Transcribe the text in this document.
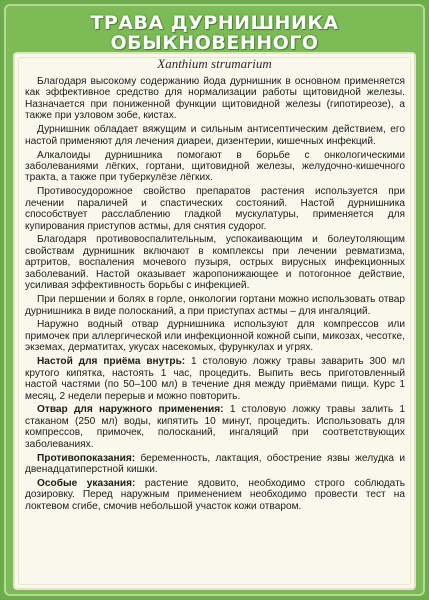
ТРАВА ДУРНИШНИКА
ОБЫКНОВЕННОГО
Xanthium strumarium

Благодаря высокому содержанию йода дурнишник в основном применяется как эффективное средство для нормализации работы щитовидной железы. Назначается при пониженной функции щитовидной железы (гипотиреозе), а также при узловом зобе, кистах.

Дурнишник обладает вяжущим и сильным антисептическим действием, его настой применяют для лечения диареи, дизентерии, кишечных инфекций.

Алкалоиды дурнишника помогают в борьбе с онкологическими заболеваниями лёгких, гортани, щитовидной железы, желудочно-кишечного тракта, а также при туберкулёзе лёгких.

Противосудорожное свойство препаратов растения используется при лечении параличей и спастических состояний. Настой дурнишника способствует расслаблению гладкой мускулатуры, применяется для купирования приступов астмы, для снятия судорог.

Благодаря противовоспалительным, успокаивающим и болеутоляющим свойствам дурнишник включают в комплексы при лечении ревматизма, артритов, воспаления мочевого пузыря, острых вирусных инфекционных заболеваний. Настой оказывает жаропонижающее и потогонное действие, усиливая эффективность борьбы с инфекцией.

При першении и болях в горле, онкологии гортани можно использовать отвар дурнишника в виде полосканий, а при приступах астмы – для ингаляций.

Наружно водный отвар дурнишника используют для компрессов или примочек при аллергической или инфекционной кожной сыпи, микозах, чесотке, экземах, дерматитах, укусах насекомых, фурункулах и угрях.

Настой для приёма внутрь: 1 столовую ложку травы заварить 300 мл крутого кипятка, настоять 1 час, процедить. Выпить весь приготовленный настой частями (по 50–100 мл) в течение дня между приёмами пищи. Курс 1 месяц, 2 недели перерыв и можно повторить.

Отвар для наружного применения: 1 столовую ложку травы залить 1 стаканом (250 мл) воды, кипятить 10 минут, процедить. Использовать для компрессов, примочек, полосканий, ингаляций при соответствующих заболеваниях.

Противопоказания: беременность, лактация, обострение язвы желудка и двенадцатиперстной кишки.

Особые указания: растение ядовито, необходимо строго соблюдать дозировку. Перед наружным применением необходимо провести тест на локтевом сгибе, смочив небольшой участок кожи отваром.
